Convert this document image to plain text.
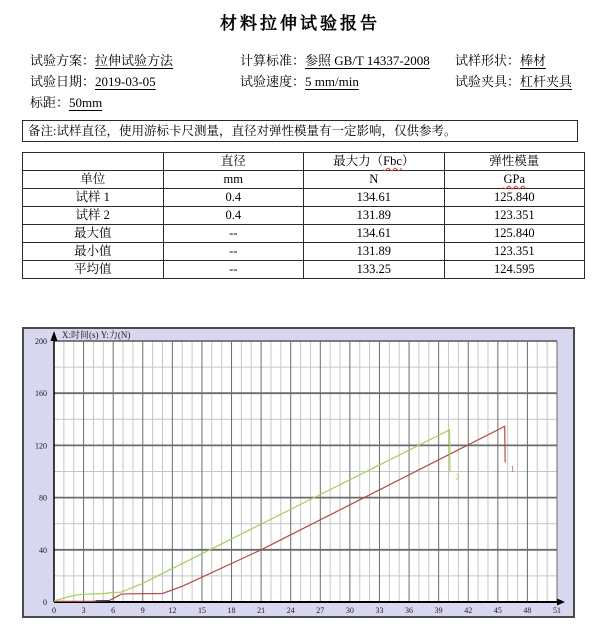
材料拉伸试验报告
试验方案：拉伸试验方法
试验日期：2019-03-05
标距：50mm
计算标准：参照 GB/T 14337-2008
试验速度：5 mm/min
试样形状：棒材
试验夹具：杠杆夹具
备注:试样直径，使用游标卡尺测量，直径对弹性模量有一定影响，仅供参考。
	直径	最大力（Fbc）	弹性模量
单位	mm	N	GPa
试样 1	0.4	134.61	125.840
试样 2	0.4	131.89	123.351
最大值	--	134.61	125.840
最小值	--	131.89	123.351
平均值	--	133.25	124.595
0	3	6	9	12	15	18	21	24	27	30	33	36	39	42	45	48	51
0
40
80
120
160
200
X:时间(s) Y:力(N)
1
2
